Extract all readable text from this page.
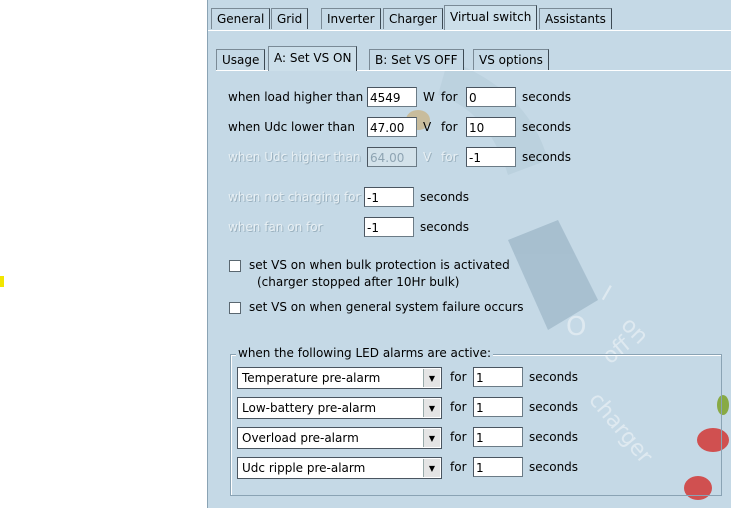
I
O on
off
charger
General	Grid	Inverter	Charger	Virtual switch	Assistants
Usage	A: Set VS ON	B: Set VS OFF	VS options
when load higher than 4549	W for 0	seconds
when Udc lower than 47.00	V for 10	seconds
when Udc higher than 64.00	V for -1	seconds
when not charging for -1	seconds
when fan on for	-1	seconds
set VS on when bulk protection is activated
(charger stopped after 10Hr bulk)
set VS on when general system failure occurs
when the following LED alarms are active:
Temperature pre-alarm	▼	for 1	seconds
Low-battery pre-alarm	▼	for 1	seconds
Overload pre-alarm	▼	for 1	seconds
Udc ripple pre-alarm	▼	for 1	seconds
